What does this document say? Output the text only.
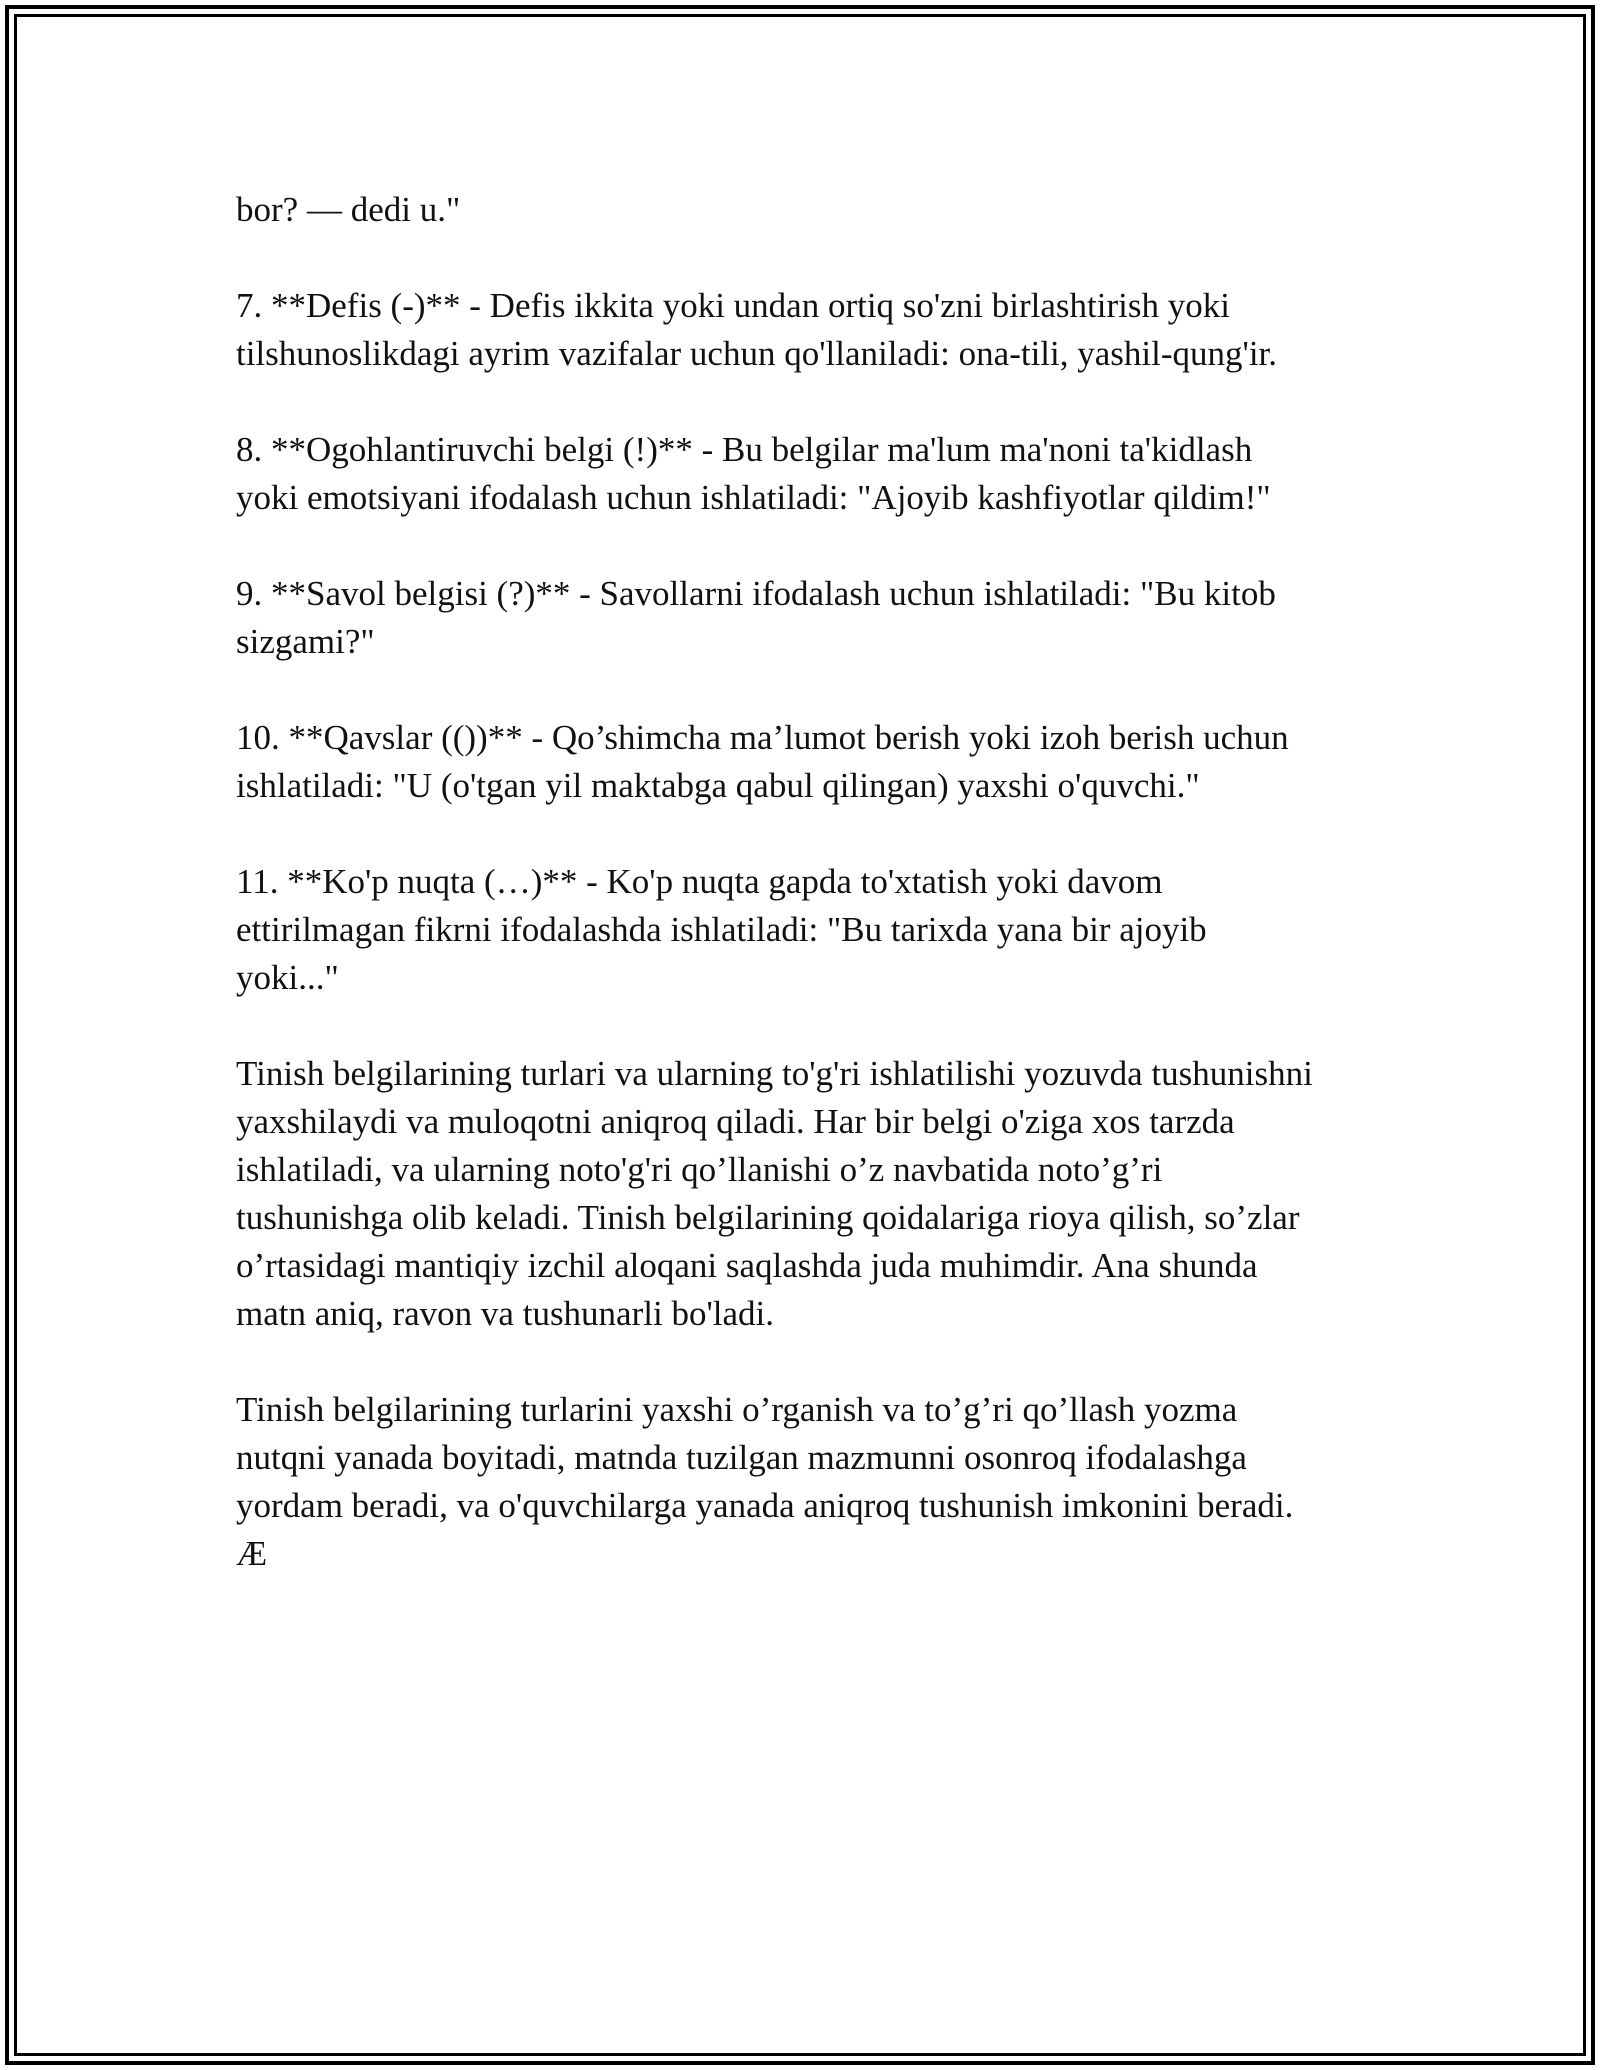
bor? — dedi u."

7. **Defis (-)** - Defis ikkita yoki undan ortiq so'zni birlashtirish yoki
tilshunoslikdagi ayrim vazifalar uchun qo'llaniladi: ona-tili, yashil-qung'ir.

8. **Ogohlantiruvchi belgi (!)** - Bu belgilar ma'lum ma'noni ta'kidlash
yoki emotsiyani ifodalash uchun ishlatiladi: "Ajoyib kashfiyotlar qildim!"

9. **Savol belgisi (?)** - Savollarni ifodalash uchun ishlatiladi: "Bu kitob
sizgami?"

10. **Qavslar (())** - Qo’shimcha ma’lumot berish yoki izoh berish uchun
ishlatiladi: "U (o'tgan yil maktabga qabul qilingan) yaxshi o'quvchi."

11. **Ko'p nuqta (…)** - Ko'p nuqta gapda to'xtatish yoki davom
ettirilmagan fikrni ifodalashda ishlatiladi: "Bu tarixda yana bir ajoyib
yoki..."

Tinish belgilarining turlari va ularning to'g'ri ishlatilishi yozuvda tushunishni
yaxshilaydi va muloqotni aniqroq qiladi. Har bir belgi o'ziga xos tarzda
ishlatiladi, va ularning noto'g'ri qo’llanishi o’z navbatida noto’g’ri
tushunishga olib keladi. Tinish belgilarining qoidalariga rioya qilish, so’zlar
o’rtasidagi mantiqiy izchil aloqani saqlashda juda muhimdir. Ana shunda
matn aniq, ravon va tushunarli bo'ladi.

Tinish belgilarining turlarini yaxshi o’rganish va to’g’ri qo’llash yozma
nutqni yanada boyitadi, matnda tuzilgan mazmunni osonroq ifodalashga
yordam beradi, va o'quvchilarga yanada aniqroq tushunish imkonini beradi.
Æ
